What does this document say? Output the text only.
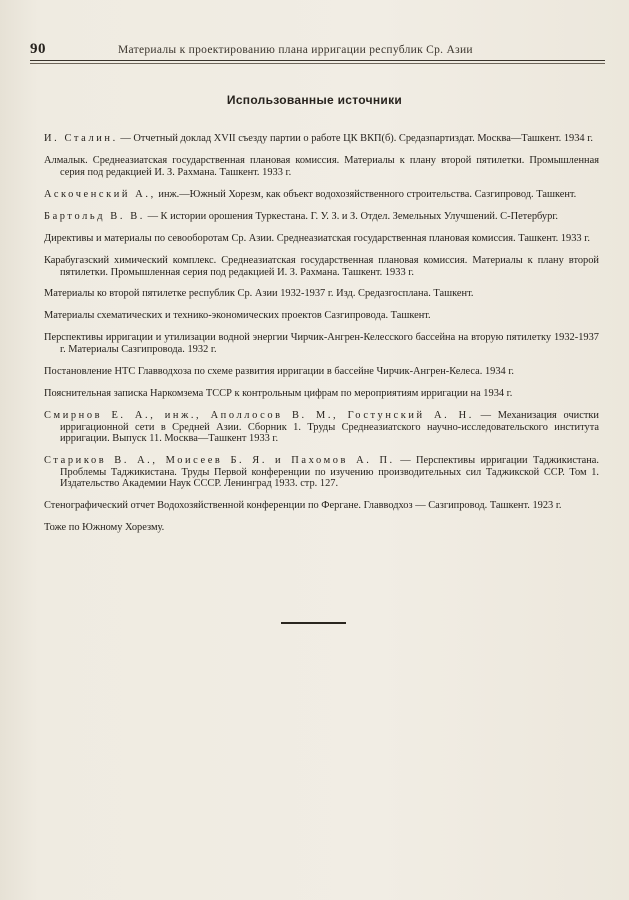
90	Материалы к проектированию плана ирригации республик Ср. Азии
Использованные источники

И. Сталин. — Отчетный доклад XVII съезду партии о работе ЦК ВКП(б). Средазпартиздат. Москва—Ташкент. 1934 г.

Алмалык. Среднеазиатская государственная плановая комиссия. Материалы к плану второй пятилетки. Промышленная серия под редакцией И. З. Рахмана. Ташкент. 1933 г.

Аскоченский А., инж.—Южный Хорезм, как объект водохозяйственного строительства. Сазгипровод. Ташкент.

Бартольд В. В. — К истории орошения Туркестана. Г. У. З. и З. Отдел. Земельных Улучшений. С-Петербург.

Директивы и материалы по севооборотам Ср. Азии. Среднеазиатская государственная плановая комиссия. Ташкент. 1933 г.

Карабугазский химический комплекс. Среднеазиатская государственная плановая комиссия. Материалы к плану второй пятилетки. Промышленная серия под редакцией И. З. Рахмана. Ташкент. 1933 г.

Материалы ко второй пятилетке республик Ср. Азии 1932-1937 г. Изд. Средазгосплана. Ташкент.

Материалы схематических и технико-экономических проектов Сазгипровода. Ташкент.

Перспективы ирригации и утилизации водной энергии Чирчик-Ангрен-Келесского бассейна на вторую пятилетку 1932-1937 г. Материалы Сазгипровода. 1932 г.

Постановление НТС Главводхоза по схеме развития ирригации в бассейне Чирчик-Ангрен-Келеса. 1934 г.

Пояснительная записка Наркомзема ТССР к контрольным цифрам по мероприятиям ирригации на 1934 г.

Смирнов Е. А., инж., Аполлосов В. М., Гостунский А. Н. — Механизация очистки ирригационной сети в Средней Азии. Сборник 1. Труды Среднеазиатского научно-исследовательского института ирригации. Выпуск 11. Москва—Ташкент 1933 г.

Стариков В. А., Моисеев Б. Я. и Пахомов А. П. — Перспективы ирригации Таджикистана. Проблемы Таджикистана. Труды Первой конференции по изучению производительных сил Таджикской ССР. Том 1. Издательство Академии Наук СССР. Ленинград 1933. стр. 127.

Стенографический отчет Водохозяйственной конференции по Фергане. Главводхоз — Сазгипровод. Ташкент. 1923 г.

Тоже по Южному Хорезму.
